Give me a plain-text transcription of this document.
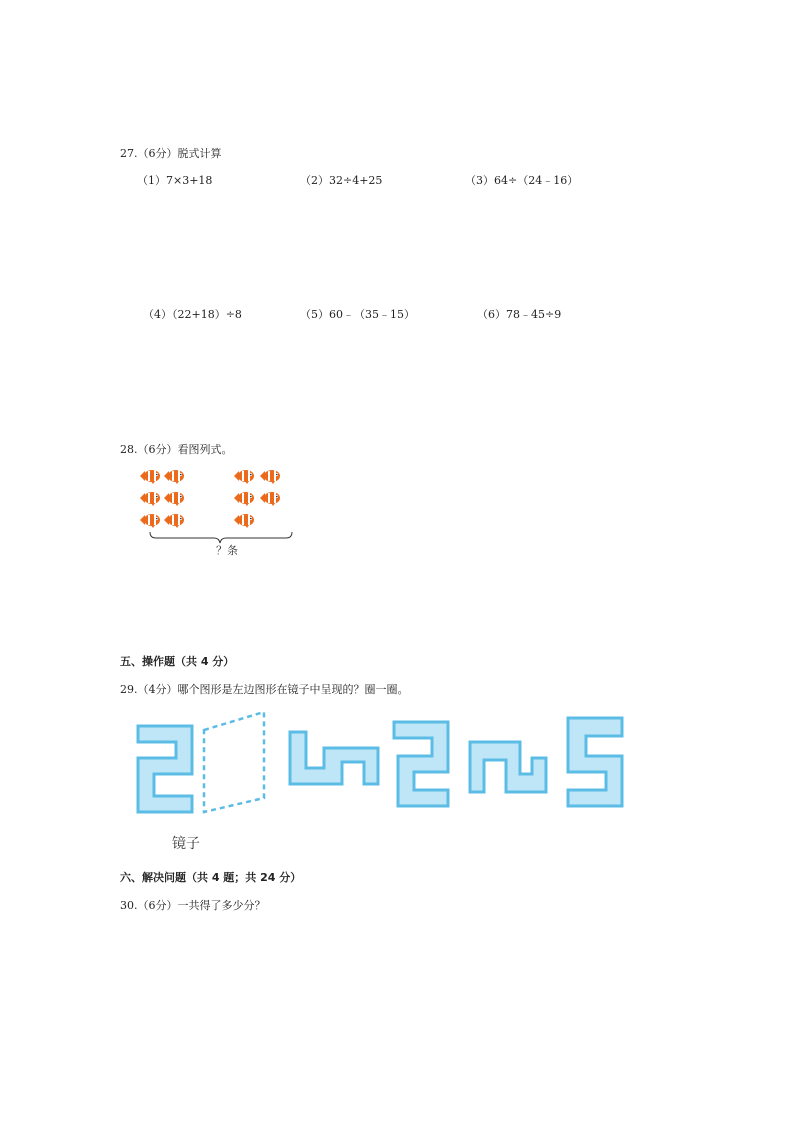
27.（6分）脱式计算
（1）7×3+18	（2）32÷4+25	（3）64÷（24﹣16）
（4）（22+18）÷8	（5）60﹣（35﹣15）	（6）78﹣45÷9
28.（6分）看图列式。
？条
五、操作题（共 4 分）
29.（4分）哪个图形是左边图形在镜子中呈现的？圈一圈。
镜子
六、解决问题（共 4 题；共 24 分）
30.（6分）一共得了多少分？
